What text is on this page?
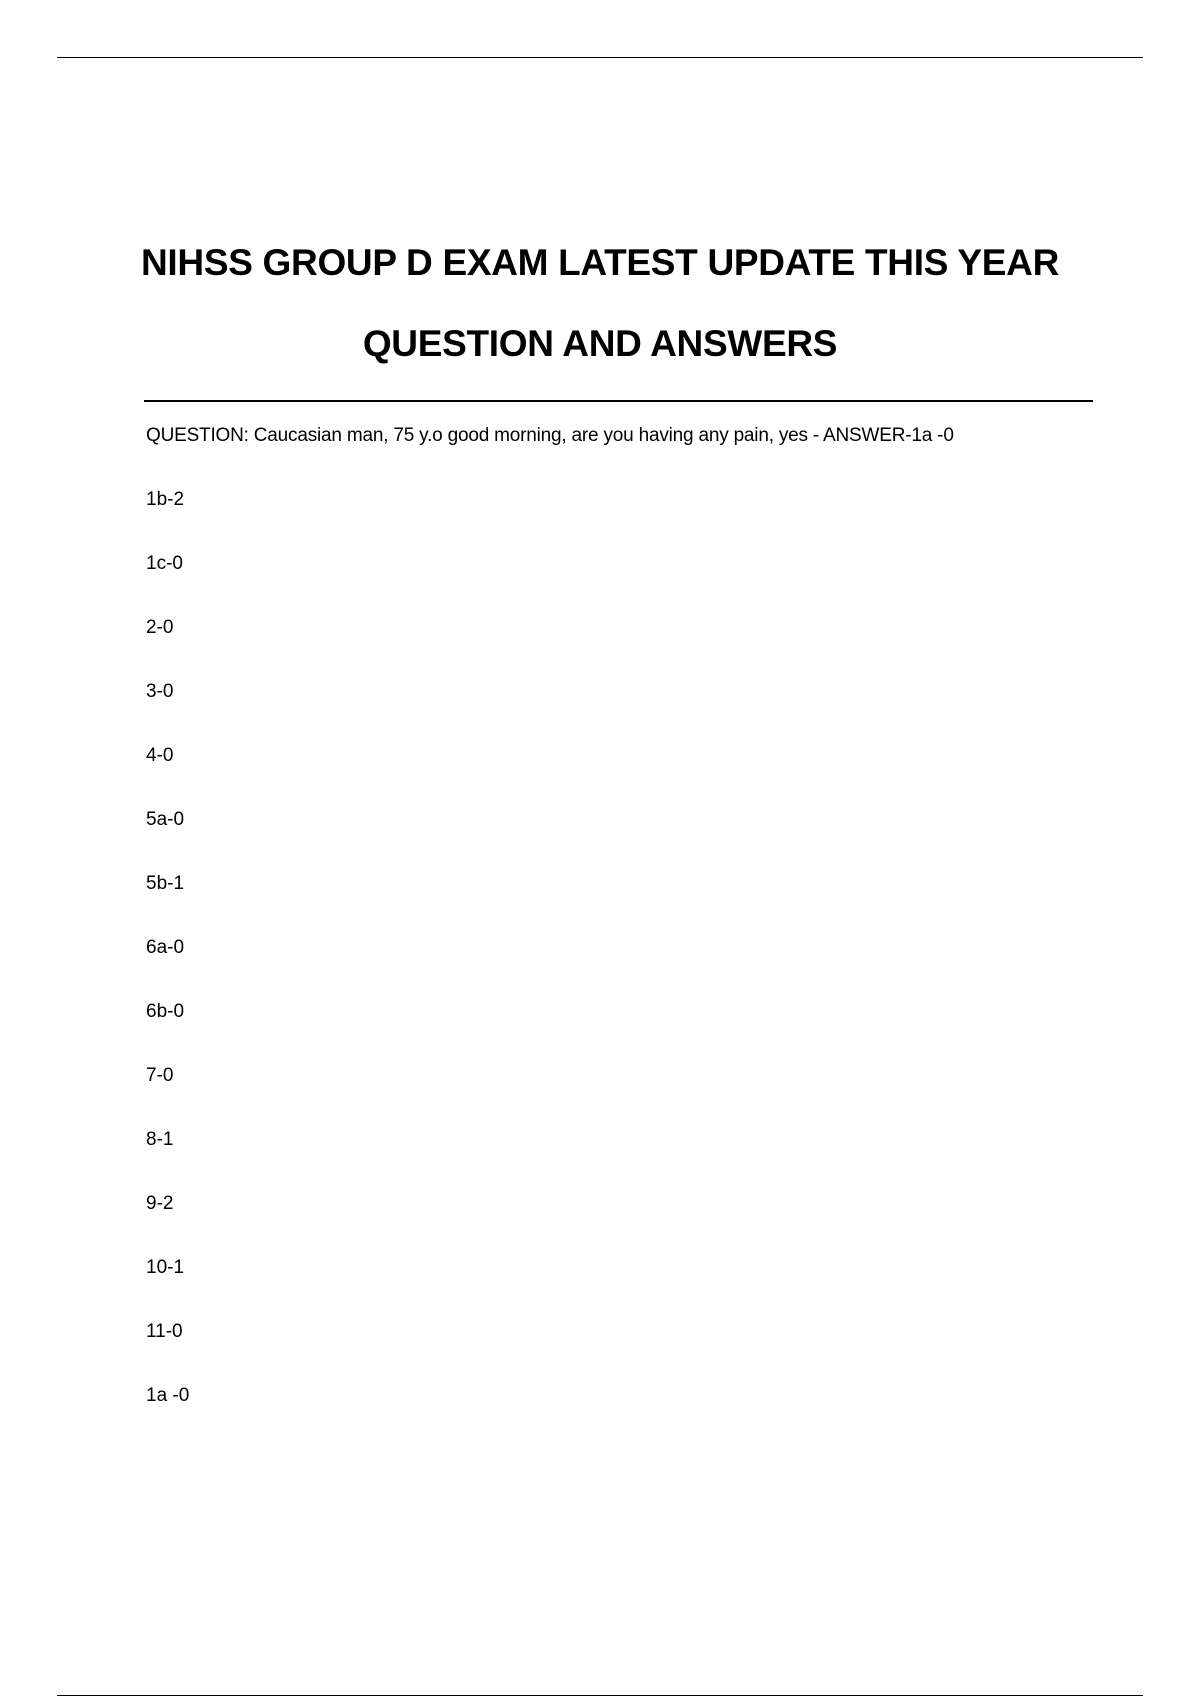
NIHSS GROUP D EXAM LATEST UPDATE THIS YEAR
QUESTION AND ANSWERS

QUESTION: Caucasian man, 75 y.o good morning, are you having any pain, yes - ANSWER-1a -0

1b-2
1c-0
2-0
3-0
4-0
5a-0
5b-1
6a-0
6b-0
7-0
8-1
9-2
10-1
11-0
1a -0
